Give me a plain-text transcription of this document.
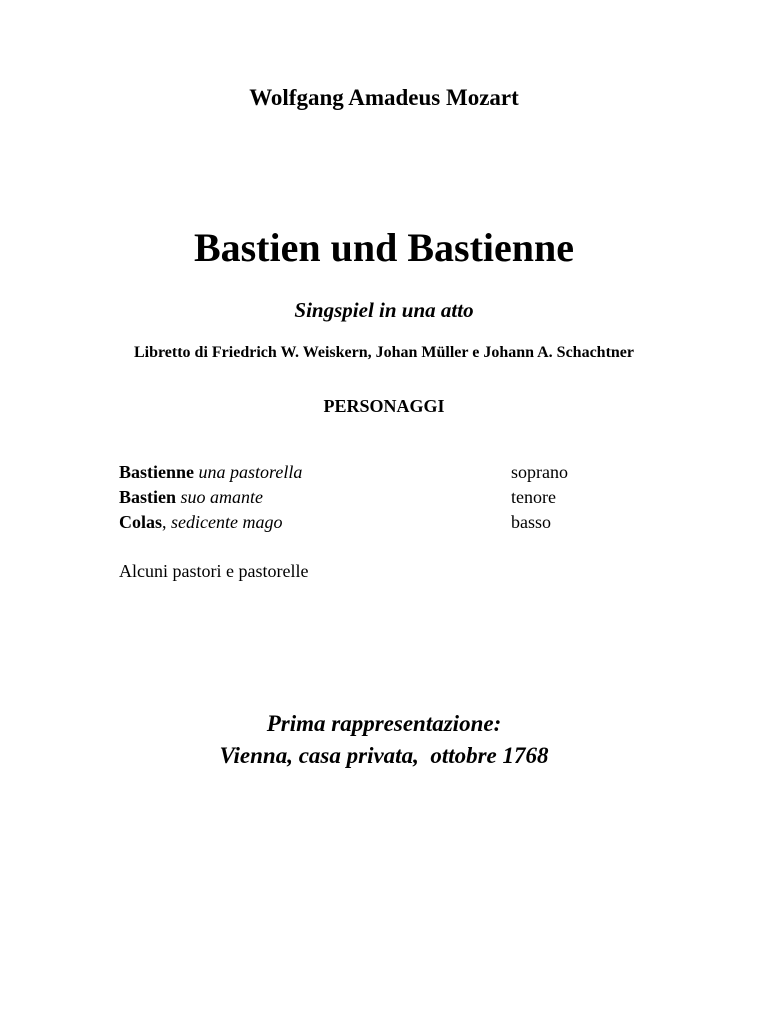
Wolfgang Amadeus Mozart
Bastien und Bastienne
Singspiel in una atto
Libretto di Friedrich W. Weiskern, Johan Müller e Johann A. Schachtner
PERSONAGGI
Bastienne una pastorella	soprano
Bastien suo amante	tenore
Colas, sedicente mago	basso
Alcuni pastori e pastorelle
Prima rappresentazione:
Vienna, casa privata,  ottobre 1768
